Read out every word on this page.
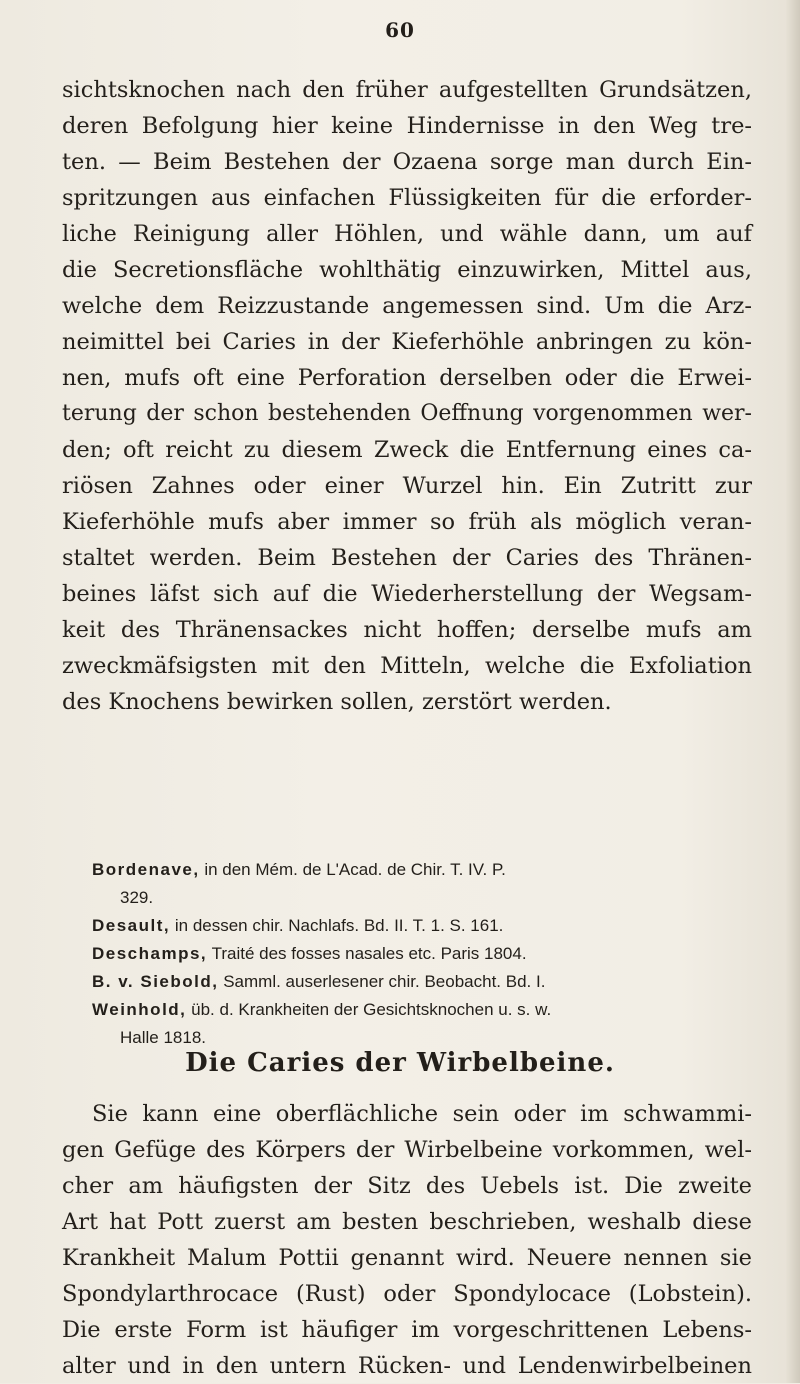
60
sichtsknochen nach den früher aufgestellten Grundsätzen,
deren Befolgung hier keine Hindernisse in den Weg tre-
ten. — Beim Bestehen der Ozaena sorge man durch Ein-
spritzungen aus einfachen Flüssigkeiten für die erforder-
liche Reinigung aller Höhlen, und wähle dann, um auf
die Secretionsfläche wohlthätig einzuwirken, Mittel aus,
welche dem Reizzustande angemessen sind. Um die Arz-
neimittel bei Caries in der Kieferhöhle anbringen zu kön-
nen, mufs oft eine Perforation derselben oder die Erwei-
terung der schon bestehenden Oeffnung vorgenommen wer-
den; oft reicht zu diesem Zweck die Entfernung eines ca-
riösen Zahnes oder einer Wurzel hin. Ein Zutritt zur
Kieferhöhle mufs aber immer so früh als möglich veran-
staltet werden. Beim Bestehen der Caries des Thränen-
beines läfst sich auf die Wiederherstellung der Wegsam-
keit des Thränensackes nicht hoffen; derselbe mufs am
zweckmäfsigsten mit den Mitteln, welche die Exfoliation
des Knochens bewirken sollen, zerstört werden.
Bordenave, in den Mém. de L'Acad. de Chir. T. IV. P.
329.
Desault, in dessen chir. Nachlafs. Bd. II. T. 1. S. 161.
Deschamps, Traité des fosses nasales etc. Paris 1804.
B. v. Siebold, Samml. auserlesener chir. Beobacht. Bd. I.
Weinhold, üb. d. Krankheiten der Gesichtsknochen u. s. w.
Halle 1818.
Die Caries der Wirbelbeine.
Sie kann eine oberflächliche sein oder im schwammi-
gen Gefüge des Körpers der Wirbelbeine vorkommen, wel-
cher am häufigsten der Sitz des Uebels ist. Die zweite
Art hat Pott zuerst am besten beschrieben, weshalb diese
Krankheit Malum Pottii genannt wird. Neuere nennen sie
Spondylarthrocace (Rust) oder Spondylocace (Lobstein).
Die erste Form ist häufiger im vorgeschrittenen Lebens-
alter und in den untern Rücken- und Lendenwirbelbeinen
